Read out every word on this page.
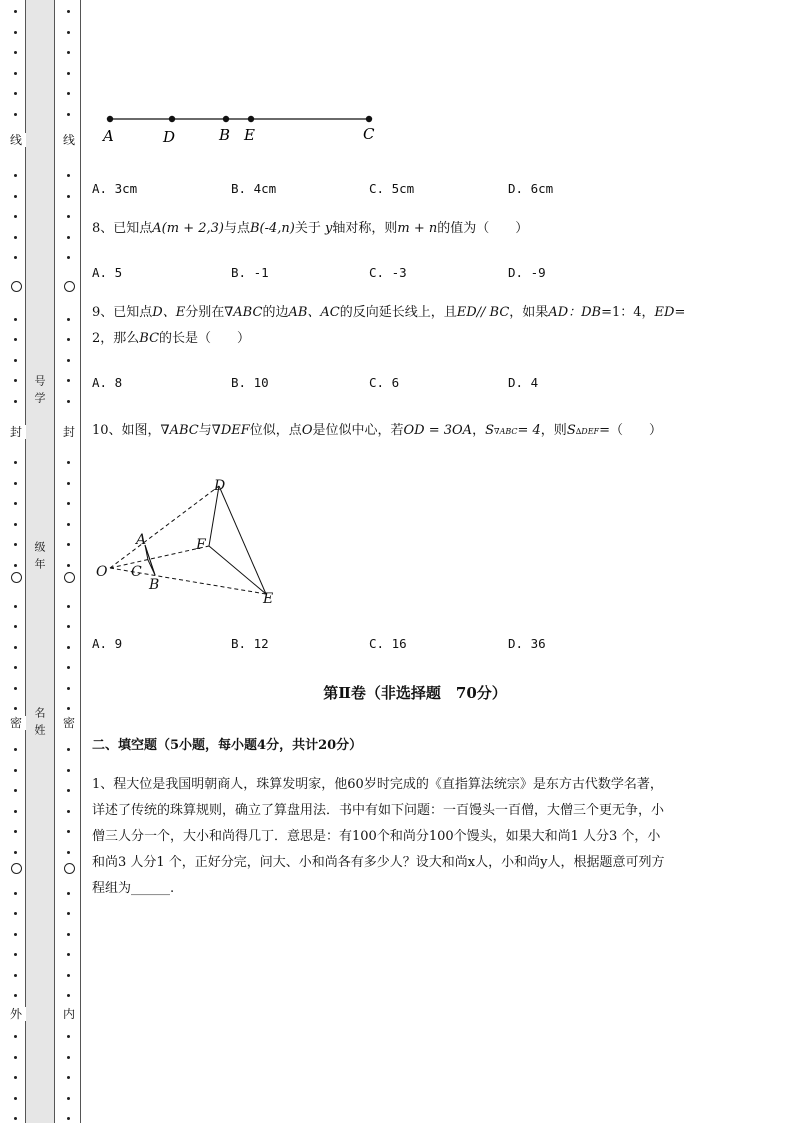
线
封
密
外
线
封
密
内
号学
级年
名姓
A	D	B E	C
A. 3cm	B. 4cm	C. 5cm	D. 6cm
8、已知点A(m + 2,3)与点B(-4,n)关于 y轴对称，则m + n的值为（　　）
A. 5	B. -1	C. -3	D. -9
9、已知点D、E分别在∇ABC的边AB、AC的反向延长线上，且ED// BC，如果AD：DB=1：4，ED=
2，那么BC的长是（　　）
A. 8	B. 10	C. 6	D. 4
10、如图，∇ABC与∇DEF位似，点O是位似中心，若OD = 3OA，S∇ABC= 4，则S∆DEF=（　　）
D
A	F
O C
B
E
A. 9	B. 12	C. 16	D. 36
第Ⅱ卷（非选择题　70分）
二、填空题（5小题，每小题4分，共计20分）
1、程大位是我国明朝商人，珠算发明家，他60岁时完成的《直指算法统宗》是东方古代数学名著，
详述了传统的珠算规则，确立了算盘用法．书中有如下问题：一百馒头一百僧，大僧三个更无争，小
僧三人分一个，大小和尚得几丁．意思是：有100个和尚分100个馒头，如果大和尚1 人分3 个，小
和尚3 人分1 个，正好分完，问大、小和尚各有多少人？设大和尚x人，小和尚y人，根据题意可列方
程组为______.
